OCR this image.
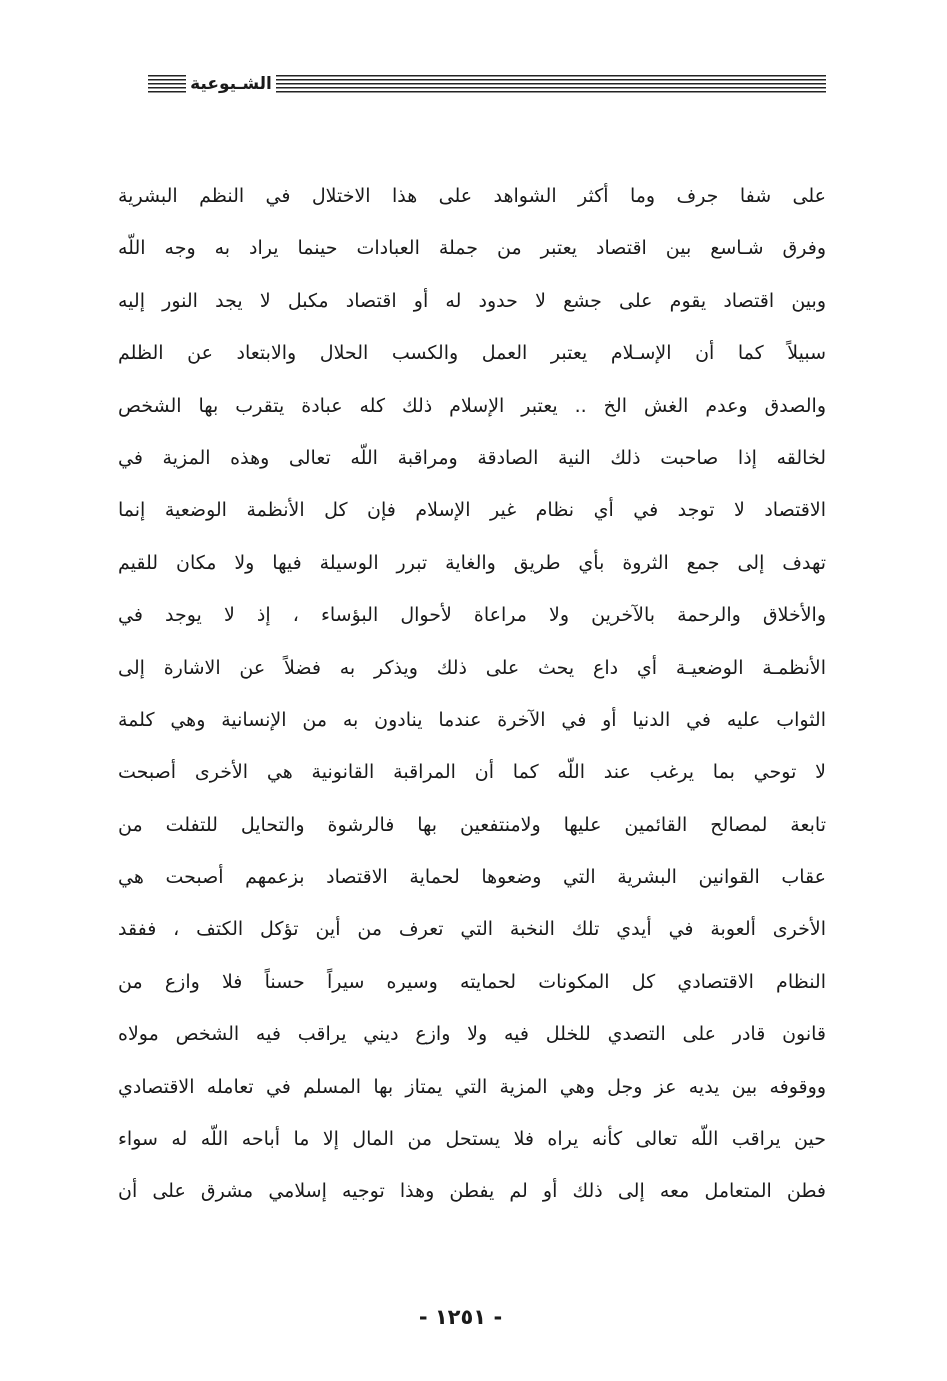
الشـيوعية
على شفا جرف وما أكثر الشواهد على هذا الاختلال في النظم البشرية
وفرق شـاسع بين اقتصاد يعتبر من جملة العبادات حينما يراد به وجه اللّه
وبين اقتصاد يقوم على جشع لا حدود له أو اقتصاد مكبل لا يجد النور إليه
سبيلاً كما أن الإسـلام يعتبر العمل والكسب الحلال والابتعاد عن الظلم
والصدق وعدم الغش الخ .. يعتبر الإسلام ذلك كله عبادة يتقرب بها الشخص
لخالقه إذا صاحبت ذلك النية الصادقة ومراقبة اللّه تعالى وهذه المزية في
الاقتصاد لا توجد في أي نظام غير الإسلام فإن كل الأنظمة الوضعية إنما
تهدف إلى جمع الثروة بأي طريق والغاية تبرر الوسيلة فيها ولا مكان للقيم
والأخلاق والرحمة بالآخرين ولا مراعاة لأحوال البؤساء ، إذ لا يوجد في
الأنظمـة الوضعيـة أي داع يحث على ذلك ويذكر به فضلاً عن الاشارة إلى
الثواب عليه في الدنيا أو في الآخرة عندما ينادون به من الإنسانية وهي كلمة
لا توحي بما يرغب عند اللّه كما أن المراقبة القانونية هي الأخرى أصبحت
تابعة لمصالح القائمين عليها ولامنتفعين بها فالرشوة والتحايل للتفلت من
عقاب القوانين البشرية التي وضعوها لحماية الاقتصاد بزعمهم أصبحت هي
الأخرى ألعوبة في أيدي تلك النخبة التي تعرف من أين تؤكل الكتف ، ففقد
النظام الاقتصادي كل المكونات لحمايته وسيره سيراً حسناً فلا وازع من
قانون قادر على التصدي للخلل فيه ولا وازع ديني يراقب فيه الشخص مولاه
ووقوفه بين يديه عز وجل وهي المزية التي يمتاز بها المسلم في تعامله الاقتصادي
حين يراقب اللّه تعالى كأنه يراه فلا يستحل من المال إلا ما أباحه اللّه له سواء
فطن المتعامل معه إلى ذلك أو لم يفطن وهذا توجيه إسلامي مشرق على أن
- ١٢٥١ -
